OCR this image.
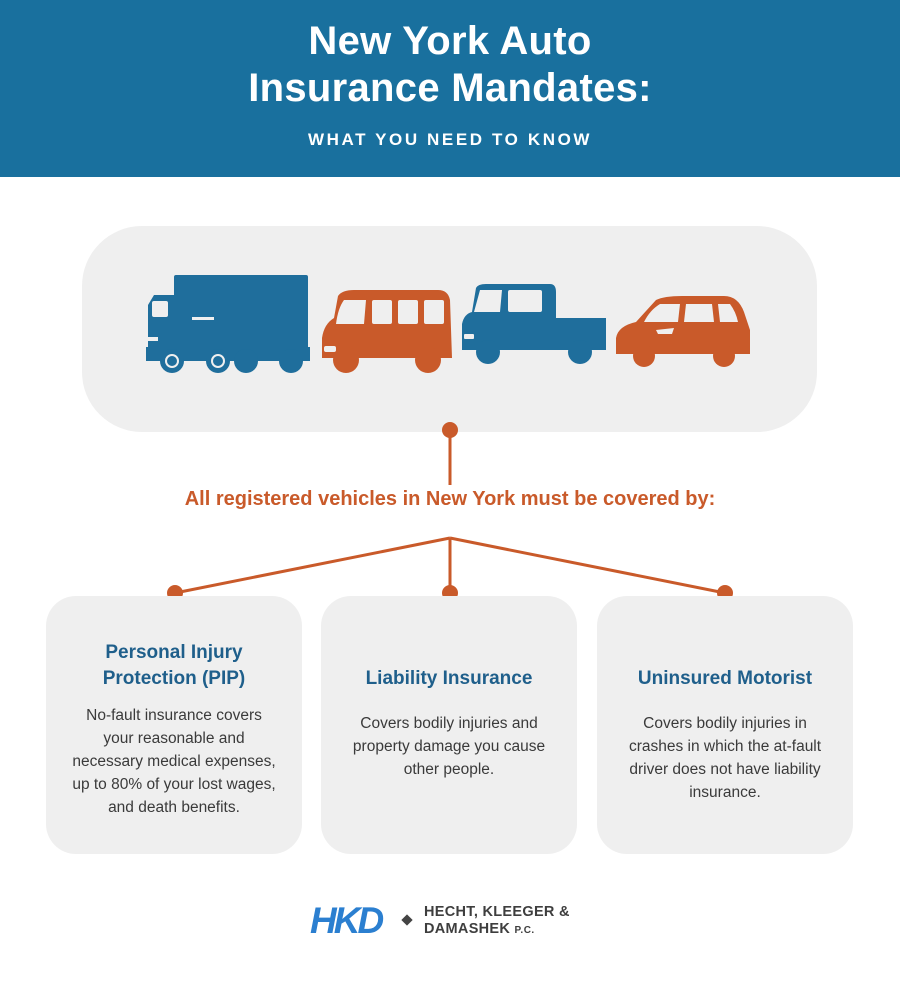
New York Auto
Insurance Mandates:
WHAT YOU NEED TO KNOW
All registered vehicles in New York must be covered by:
Personal Injury
Protection (PIP)
No-fault insurance covers
your reasonable and
necessary medical expenses,
up to 80% of your lost wages,
and death benefits.
Liability Insurance
Covers bodily injuries and
property damage you cause
other people.
Uninsured Motorist
Covers bodily injuries in
crashes in which the at-fault
driver does not have liability
insurance.
HKD	HECHT, KLEEGER &
DAMASHEK P.C.
